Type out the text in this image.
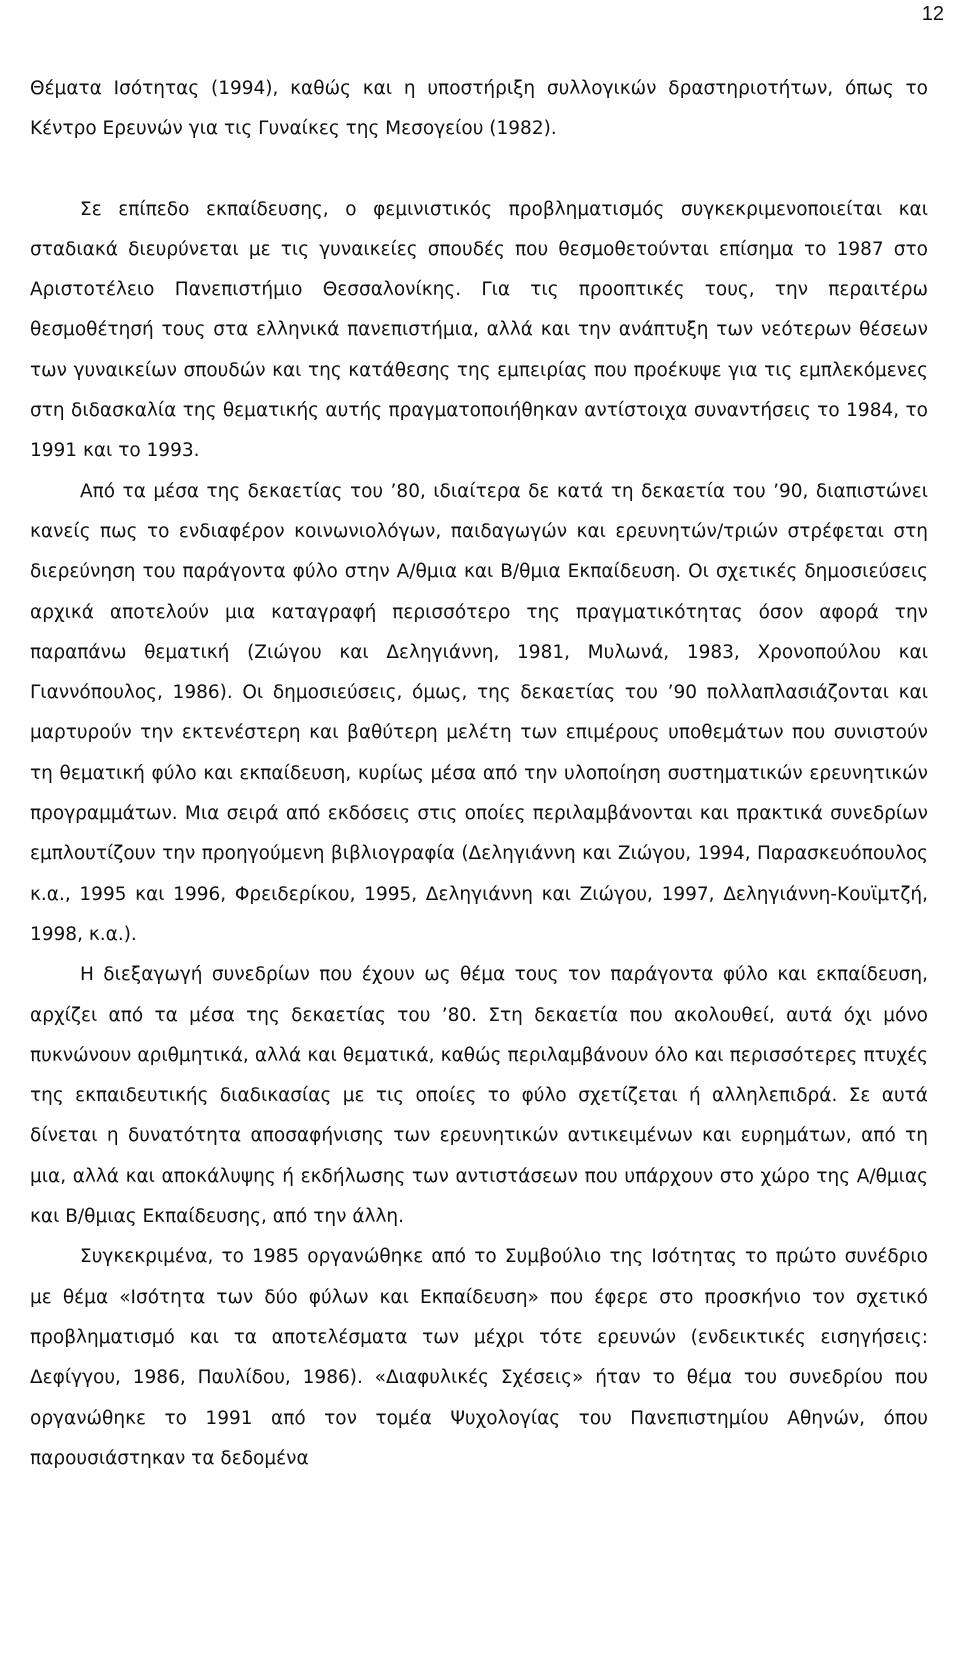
12

Θέματα Ισότητας (1994), καθώς και η υποστήριξη συλλογικών δραστηριοτήτων, όπως το Κέντρο Ερευνών για τις Γυναίκες της Μεσογείου (1982).

Σε επίπεδο εκπαίδευσης, ο φεμινιστικός προβληματισμός συγκεκριμενοποιείται και σταδιακά διευρύνεται με τις γυναικείες σπουδές που θεσμοθετούνται επίσημα το 1987 στο Αριστοτέλειο Πανεπιστήμιο Θεσσαλονίκης. Για τις προοπτικές τους, την περαιτέρω θεσμοθέτησή τους στα ελληνικά πανεπιστήμια, αλλά και την ανάπτυξη των νεότερων θέσεων των γυναικείων σπουδών και της κατάθεσης της εμπειρίας που προέκυψε για τις εμπλεκόμενες στη διδασκαλία της θεματικής αυτής πραγματοποιήθηκαν αντίστοιχα συναντήσεις το 1984, το 1991 και το 1993.

Από τα μέσα της δεκαετίας του ’80, ιδιαίτερα δε κατά τη δεκαετία του ’90, διαπιστώνει κανείς πως το ενδιαφέρον κοινωνιολόγων, παιδαγωγών και ερευνητών/τριών στρέφεται στη διερεύνηση του παράγοντα φύλο στην Α/θμια και Β/θμια Εκπαίδευση. Οι σχετικές δημοσιεύσεις αρχικά αποτελούν μια καταγραφή περισσότερο της πραγματικότητας όσον αφορά την παραπάνω θεματική (Ζιώγου και Δεληγιάννη, 1981, Μυλωνά, 1983, Χρονοπούλου και Γιαννόπουλος, 1986). Οι δημοσιεύσεις, όμως, της δεκαετίας του ’90 πολλαπλασιάζονται και μαρτυρούν την εκτενέστερη και βαθύτερη μελέτη των επιμέρους υποθεμάτων που συνιστούν τη θεματική φύλο και εκπαίδευση, κυρίως μέσα από την υλοποίηση συστηματικών ερευνητικών προγραμμάτων. Μια σειρά από εκδόσεις στις οποίες περιλαμβάνονται και πρακτικά συνεδρίων εμπλουτίζουν την προηγούμενη βιβλιογραφία (Δεληγιάννη και Ζιώγου, 1994, Παρασκευόπουλος κ.α., 1995 και 1996, Φρειδερίκου, 1995, Δεληγιάννη και Ζιώγου, 1997, Δεληγιάννη-Κουϊμτζή, 1998, κ.α.).

Η διεξαγωγή συνεδρίων που έχουν ως θέμα τους τον παράγοντα φύλο και εκπαίδευση, αρχίζει από τα μέσα της δεκαετίας του ’80. Στη δεκαετία που ακολουθεί, αυτά όχι μόνο πυκνώνουν αριθμητικά, αλλά και θεματικά, καθώς περιλαμβάνουν όλο και περισσότερες πτυχές της εκπαιδευτικής διαδικασίας με τις οποίες το φύλο σχετίζεται ή αλληλεπιδρά. Σε αυτά δίνεται η δυνατότητα αποσαφήνισης των ερευνητικών αντικειμένων και ευρημάτων, από τη μια, αλλά και αποκάλυψης ή εκδήλωσης των αντιστάσεων που υπάρχουν στο χώρο της Α/θμιας και Β/θμιας Εκπαίδευσης, από την άλλη.

Συγκεκριμένα, το 1985 οργανώθηκε από το Συμβούλιο της Ισότητας το πρώτο συνέδριο με θέμα «Ισότητα των δύο φύλων και Εκπαίδευση» που έφερε στο προσκήνιο τον σχετικό προβληματισμό και τα αποτελέσματα των μέχρι τότε ερευνών (ενδεικτικές εισηγήσεις: Δεφίγγου, 1986, Παυλίδου, 1986). «Διαφυλικές Σχέσεις» ήταν το θέμα του συνεδρίου που οργανώθηκε το 1991 από τον τομέα Ψυχολογίας του Πανεπιστημίου Αθηνών, όπου παρουσιάστηκαν τα δεδομένα
